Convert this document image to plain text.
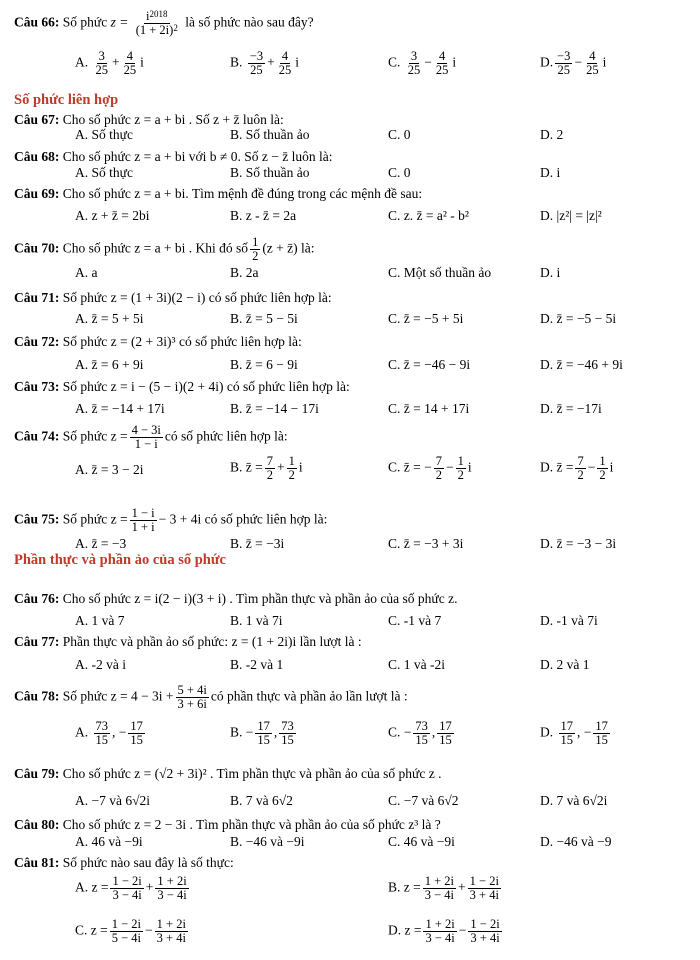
Câu 66: Số phức $z = \frac{i^{2018}}{(1 + 2i)^2}$ là số phức nào sau đây?
A. $\frac{3}{25} + \frac{4}{25}$ i	B. $\frac{-3}{25} + \frac{4}{25}$ i	C. $\frac{3}{25} - \frac{4}{25}$ i	D. $\frac{-3}{25} - \frac{4}{25}$ i
Số phức liên hợp
Câu 67: Cho số phức z = a + bi . Số z + z̄ luôn là:
A. Số thực	B. Số thuần ảo	C. 0	D. 2
Câu 68: Cho số phức z = a + bi với b ≠ 0. Số z − z̄ luôn là:
A. Số thực	B. Số thuần ảo	C. 0	D. i
Câu 69: Cho số phức z = a + bi. Tìm mệnh đề đúng trong các mệnh đề sau:
A. z + z̄ = 2bi	B. z - z̄ = 2a	C. z. z̄ = a² - b²	D. |z²| = |z|²
Câu 70: Cho số phức z = a + bi . Khi đó số $\frac{1}{2} (z$ + z̄) là:
A. a	B. 2a	C. Một số thuần ảo	D. i
Câu 71: Số phức z = (1 + 3i)(2 − i) có số phức liên hợp là:
A. z̄ = 5 + 5i	B. z̄ = 5 − 5i	C. z̄ = −5 + 5i	D. z̄ = −5 − 5i
Câu 72: Số phức z = (2 + 3i)³ có số phức liên hợp là:
A. z̄ = 6 + 9i	B. z̄ = 6 − 9i	C. z̄ = −46 − 9i	D. z̄ = −46 + 9i
Câu 73: Số phức z = i − (5 − i)(2 + 4i) có số phức liên hợp là:
A. z̄ = −14 + 17i	B. z̄ = −14 − 17i	C. z̄ = 14 + 17i	D. z̄ = −17i
Câu 74: Số phức $z = \frac{4 - 3i}{1 - i}$ có số phức liên hợp là:
A. z̄ = 3 − 2i	B. z̄ = $\frac{7}{2} + \frac{1}{2}$ i	C. z̄ = − $\frac{7}{2} - \frac{1}{2}$ i	D. z̄ = $\frac{7}{2} - \frac{1}{2}$ i
Câu 75: Số phức $z = \frac{1 - i}{1 + i} - 3 + 4i$ có số phức liên hợp là:
A. z̄ = −3	B. z̄ = −3i	C. z̄ = −3 + 3i	D. z̄ = −3 − 3i
Phần thực và phần ảo của số phức
Câu 76: Cho số phức z = i(2 − i)(3 + i) . Tìm phần thực và phần ảo của số phức z.
A. 1 và 7	B. 1 và 7i	C. -1 và 7	D. -1 và 7i
Câu 77: Phần thực và phần ảo số phức: z = (1 + 2i)i lần lượt là :
A. -2 và i	B. -2 và 1	C. 1 và -2i	D. 2 và 1
Câu 78: Số phức $z = 4 - 3i + \frac{5 + 4i}{3 + 6i}$ có phần thực và phần ảo lần lượt là :
A. $\frac{73}{15}$ , − $\frac{17}{15}$	B. − $\frac{17}{15}$ , $\frac{73}{15}$	C. − $\frac{73}{15}$ , $\frac{17}{15}$	D. $\frac{17}{15}$ , − $\frac{17}{15}$
Câu 79: Cho số phức z = (√2 + 3i)² . Tìm phần thực và phần ảo của số phức z .
A. −7 và 6√2i	B. 7 và 6√2	C. −7 và 6√2	D. 7 và 6√2i
Câu 80: Cho số phức z = 2 − 3i . Tìm phần thực và phần ảo của số phức z³ là ?
A. 46 và −9i	B. −46 và −9i	C. 46 và −9i	D. −46 và −9
Câu 81: Số phức nào sau đây là số thực:
A. $z = \frac{1 - 2i}{3 - 4i} + \frac{1 + 2i}{3 - 4i}$	B. $z = \frac{1 + 2i}{3 - 4i} + \frac{1 - 2i}{3 + 4i}$
C. $z = \frac{1 - 2i}{5 - 4i} - \frac{1 + 2i}{3 + 4i}$	D. $z = \frac{1 + 2i}{3 - 4i} - \frac{1 - 2i}{3 + 4i}$
